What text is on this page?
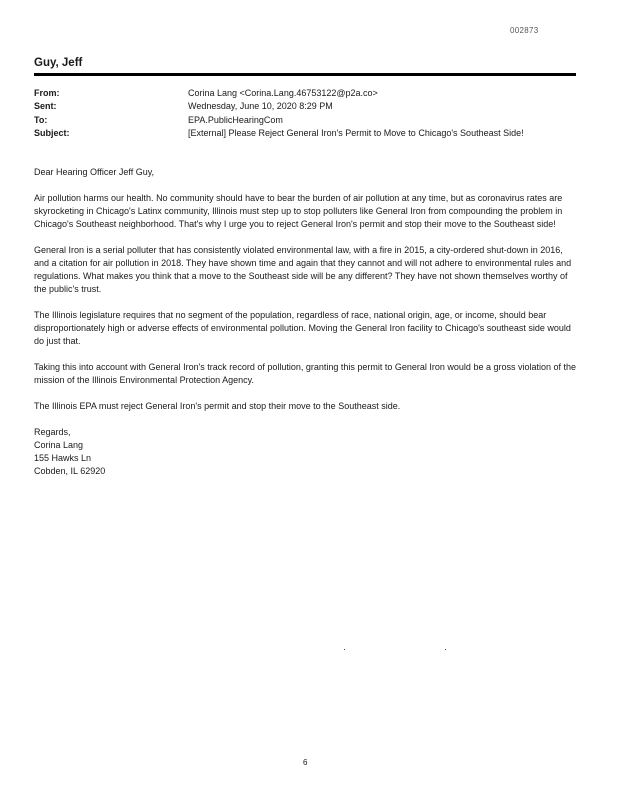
002873
Guy, Jeff
From:	Corina Lang <Corina.Lang.46753122@p2a.co>
Sent:	Wednesday, June 10, 2020 8:29 PM
To:	EPA.PublicHearingCom
Subject:	[External] Please Reject General Iron's Permit to Move to Chicago's Southeast Side!

Dear Hearing Officer Jeff Guy,

Air pollution harms our health. No community should have to bear the burden of air pollution at any time, but as coronavirus rates are skyrocketing in Chicago's Latinx community, Illinois must step up to stop polluters like General Iron from compounding the problem in Chicago's Southeast neighborhood. That's why I urge you to reject General Iron's permit and stop their move to the Southeast side!

General Iron is a serial polluter that has consistently violated environmental law, with a fire in 2015, a city-ordered shut-down in 2016, and a citation for air pollution in 2018. They have shown time and again that they cannot and will not adhere to environmental rules and regulations. What makes you think that a move to the Southeast side will be any different? They have not shown themselves worthy of the public's trust.

The Illinois legislature requires that no segment of the population, regardless of race, national origin, age, or income, should bear disproportionately high or adverse effects of environmental pollution. Moving the General Iron facility to Chicago's southeast side would do just that.

Taking this into account with General Iron's track record of pollution, granting this permit to General Iron would be a gross violation of the mission of the Illinois Environmental Protection Agency.

The Illinois EPA must reject General Iron's permit and stop their move to the Southeast side.

Regards,
Corina Lang
155 Hawks Ln
Cobden, IL 62920
6
